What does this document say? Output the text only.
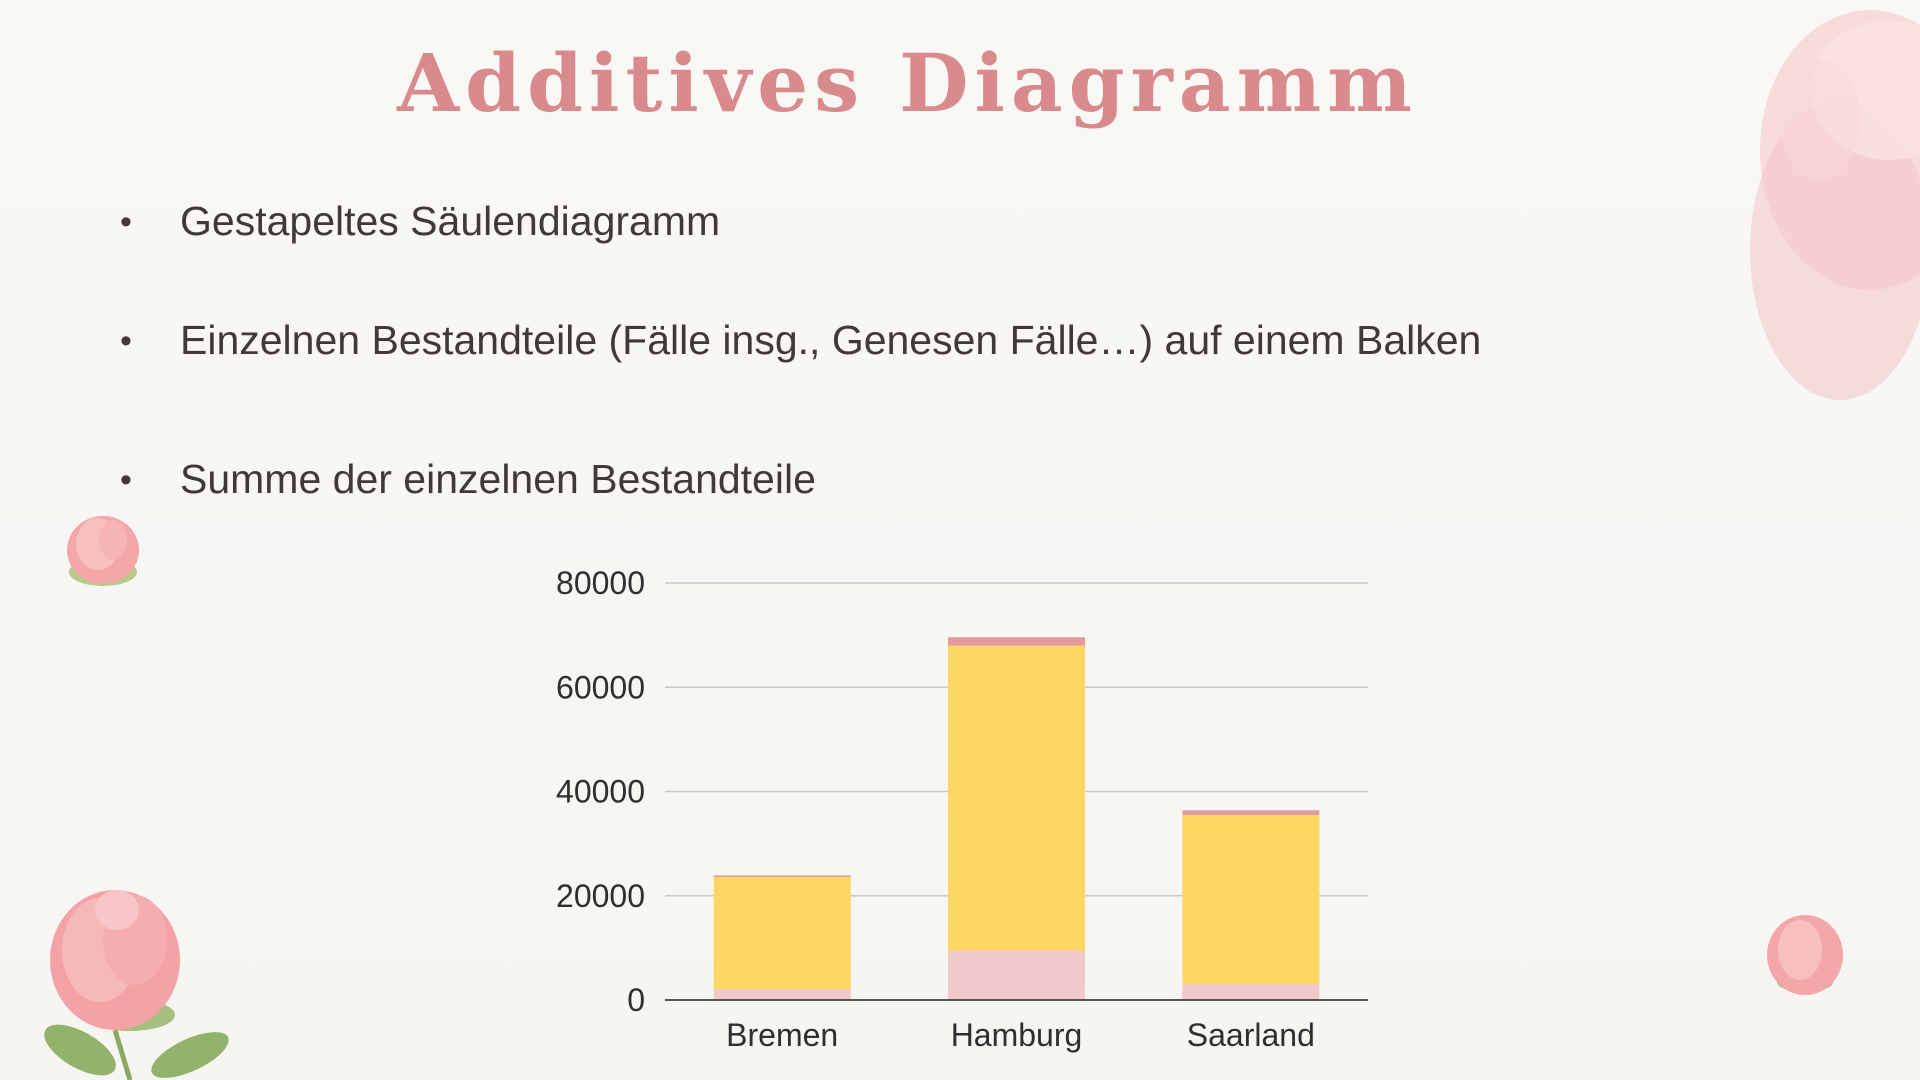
Additives Diagramm
• Gestapeltes Säulendiagramm
• Einzelnen Bestandteile (Fälle insg., Genesen Fälle…) auf einem Balken
• Summe der einzelnen Bestandteile
0
20000
40000
60000
80000
Bremen	Hamburg	Saarland
